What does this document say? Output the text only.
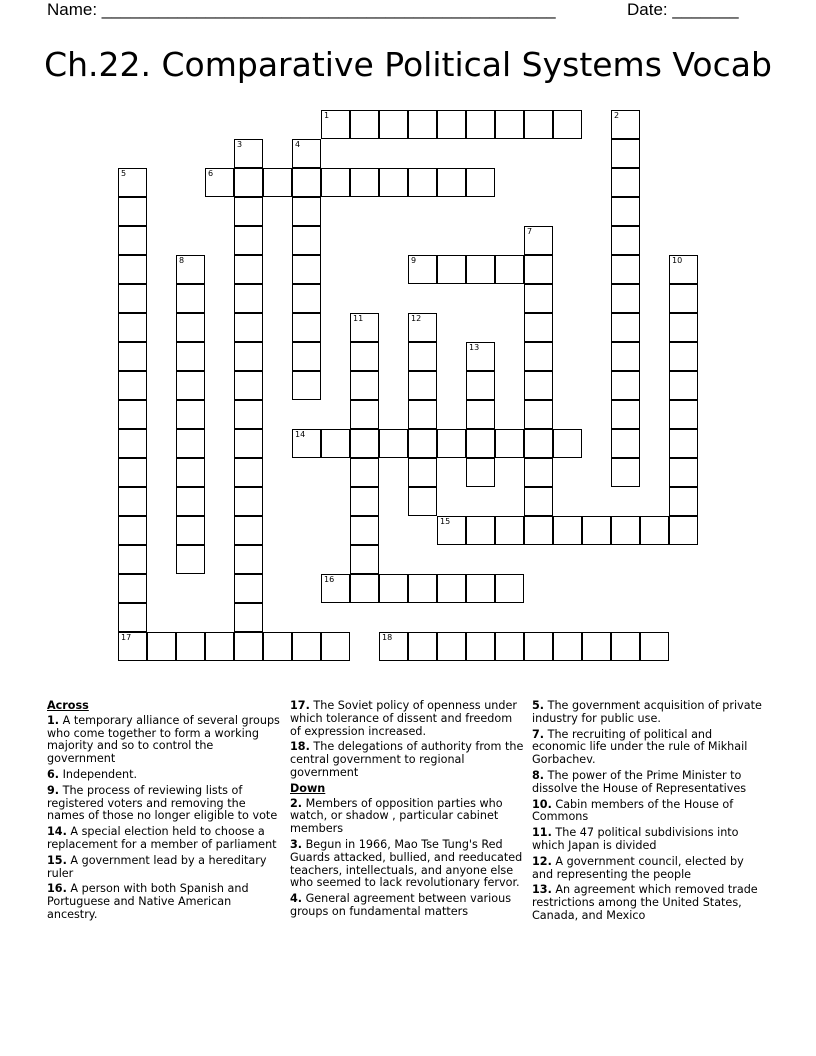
Name: ________________________________________________	Date: _______
Ch.22. Comparative Political Systems Vocab
1	2
3	4
5	6
7
8	9	10
11	12
13
14
15
16
17	18
Across
1. A temporary alliance of several groups who come together to form a working majority and so to control the government
6. Independent.
9. The process of reviewing lists of registered voters and removing the names of those no longer eligible to vote
14. A special election held to choose a replacement for a member of parliament
15. A government lead by a hereditary ruler
16. A person with both Spanish and Portuguese and Native American ancestry.
17. The Soviet policy of openness under which tolerance of dissent and freedom of expression increased.
18. The delegations of authority from the central government to regional government
Down
2. Members of opposition parties who watch, or shadow , particular cabinet members
3. Begun in 1966, Mao Tse Tung's Red Guards attacked, bullied, and reeducated teachers, intellectuals, and anyone else who seemed to lack revolutionary fervor.
4. General agreement between various groups on fundamental matters
5. The government acquisition of private industry for public use.
7. The recruiting of political and economic life under the rule of Mikhail Gorbachev.
8. The power of the Prime Minister to dissolve the House of Representatives
10. Cabin members of the House of Commons
11. The 47 political subdivisions into which Japan is divided
12. A government council, elected by and representing the people
13. An agreement which removed trade restrictions among the United States, Canada, and Mexico
